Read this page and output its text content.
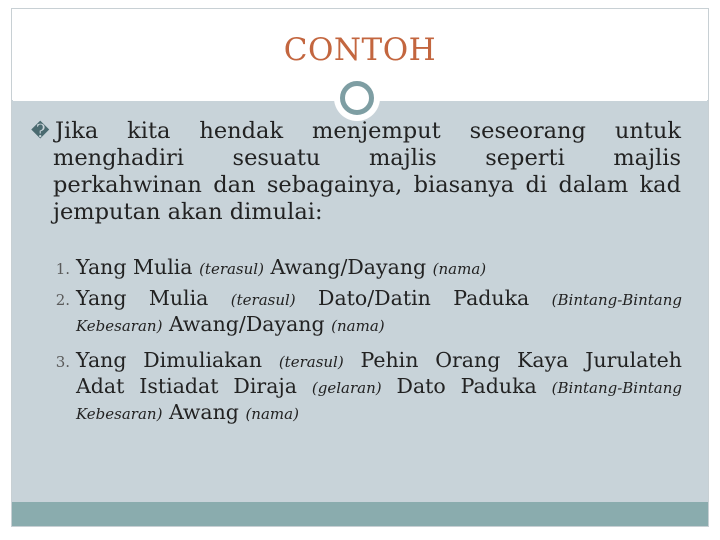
CONTOH
� Jika kita hendak menjemput seseorang untuk
menghadiri sesuatu majlis seperti majlis
perkahwinan dan sebagainya, biasanya di dalam kad
jemputan akan dimulai:
1. Yang Mulia (terasul) Awang/Dayang (nama)
2. Yang Mulia (terasul) Dato/Datin Paduka (Bintang-Bintang
Kebesaran) Awang/Dayang (nama)
3. Yang Dimuliakan (terasul) Pehin Orang Kaya Jurulateh
Adat Istiadat Diraja (gelaran) Dato Paduka (Bintang-Bintang
Kebesaran) Awang (nama)
